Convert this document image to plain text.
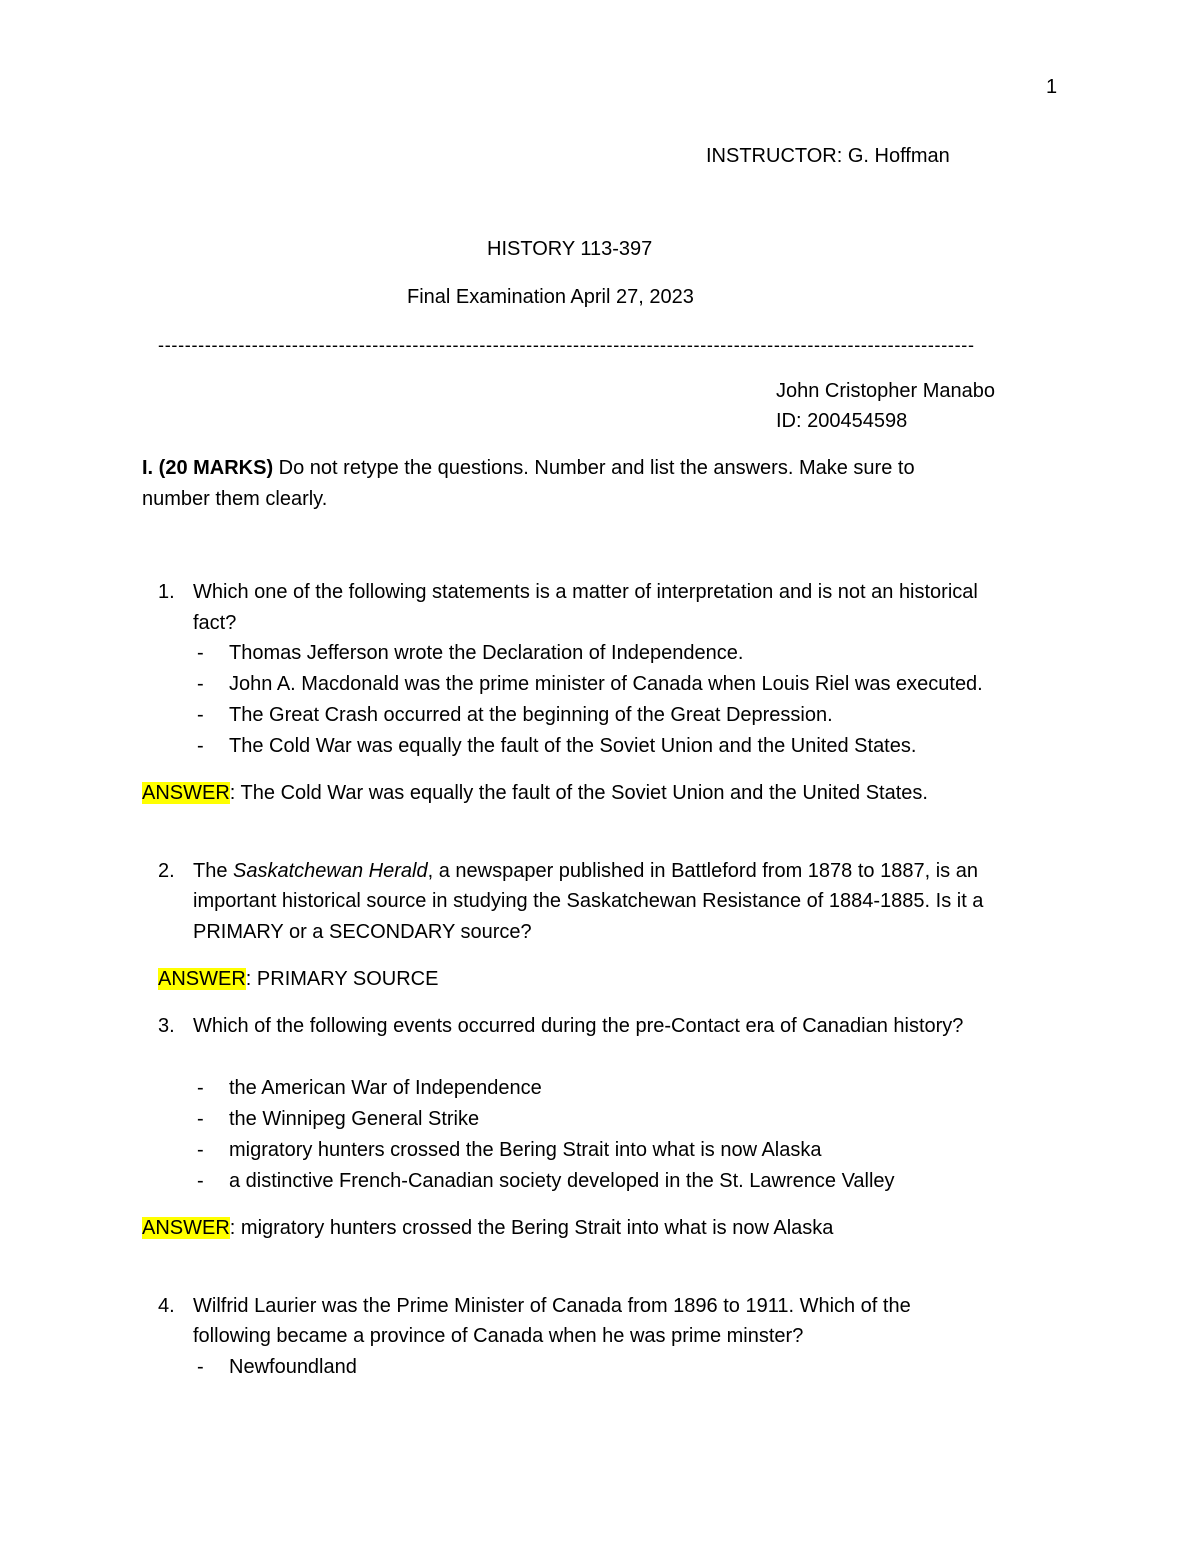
1
INSTRUCTOR: G. Hoffman
HISTORY 113-397
Final Examination April 27, 2023
--------------------------------------------------------------------------------------------------------------------------
John Cristopher Manabo
ID: 200454598
I. (20 MARKS) Do not retype the questions. Number and list the answers. Make sure to
number them clearly.
1. Which one of the following statements is a matter of interpretation and is not an historical
fact?
- Thomas Jefferson wrote the Declaration of Independence.
- John A. Macdonald was the prime minister of Canada when Louis Riel was executed.
- The Great Crash occurred at the beginning of the Great Depression.
- The Cold War was equally the fault of the Soviet Union and the United States.
ANSWER: The Cold War was equally the fault of the Soviet Union and the United States.
2. The Saskatchewan Herald, a newspaper published in Battleford from 1878 to 1887, is an
important historical source in studying the Saskatchewan Resistance of 1884-1885. Is it a
PRIMARY or a SECONDARY source?
ANSWER: PRIMARY SOURCE
3. Which of the following events occurred during the pre-Contact era of Canadian history?
- the American War of Independence
- the Winnipeg General Strike
- migratory hunters crossed the Bering Strait into what is now Alaska
- a distinctive French-Canadian society developed in the St. Lawrence Valley
ANSWER: migratory hunters crossed the Bering Strait into what is now Alaska
4. Wilfrid Laurier was the Prime Minister of Canada from 1896 to 1911. Which of the
following became a province of Canada when he was prime minster?
- Newfoundland
